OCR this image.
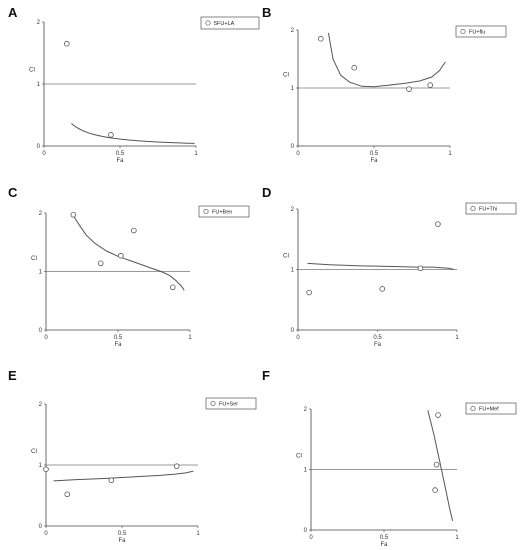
A
0
1
2
0	0.5	1
Fa
CI
5FU+LA
B
0
1
2
0	0.5	1
Fa
CI
FU+flu
C
0
1
2
0	0.5	1
Fa
CI
FU+Ben
D
0
1
2
0	0.5	1
Fa
CI
FU+Thi
E
0
1
2
0	0.5	1
Fa
CI
FU+Ser
F
0
1
2
0	0.5	1
Fa
CI
FU+Mef
